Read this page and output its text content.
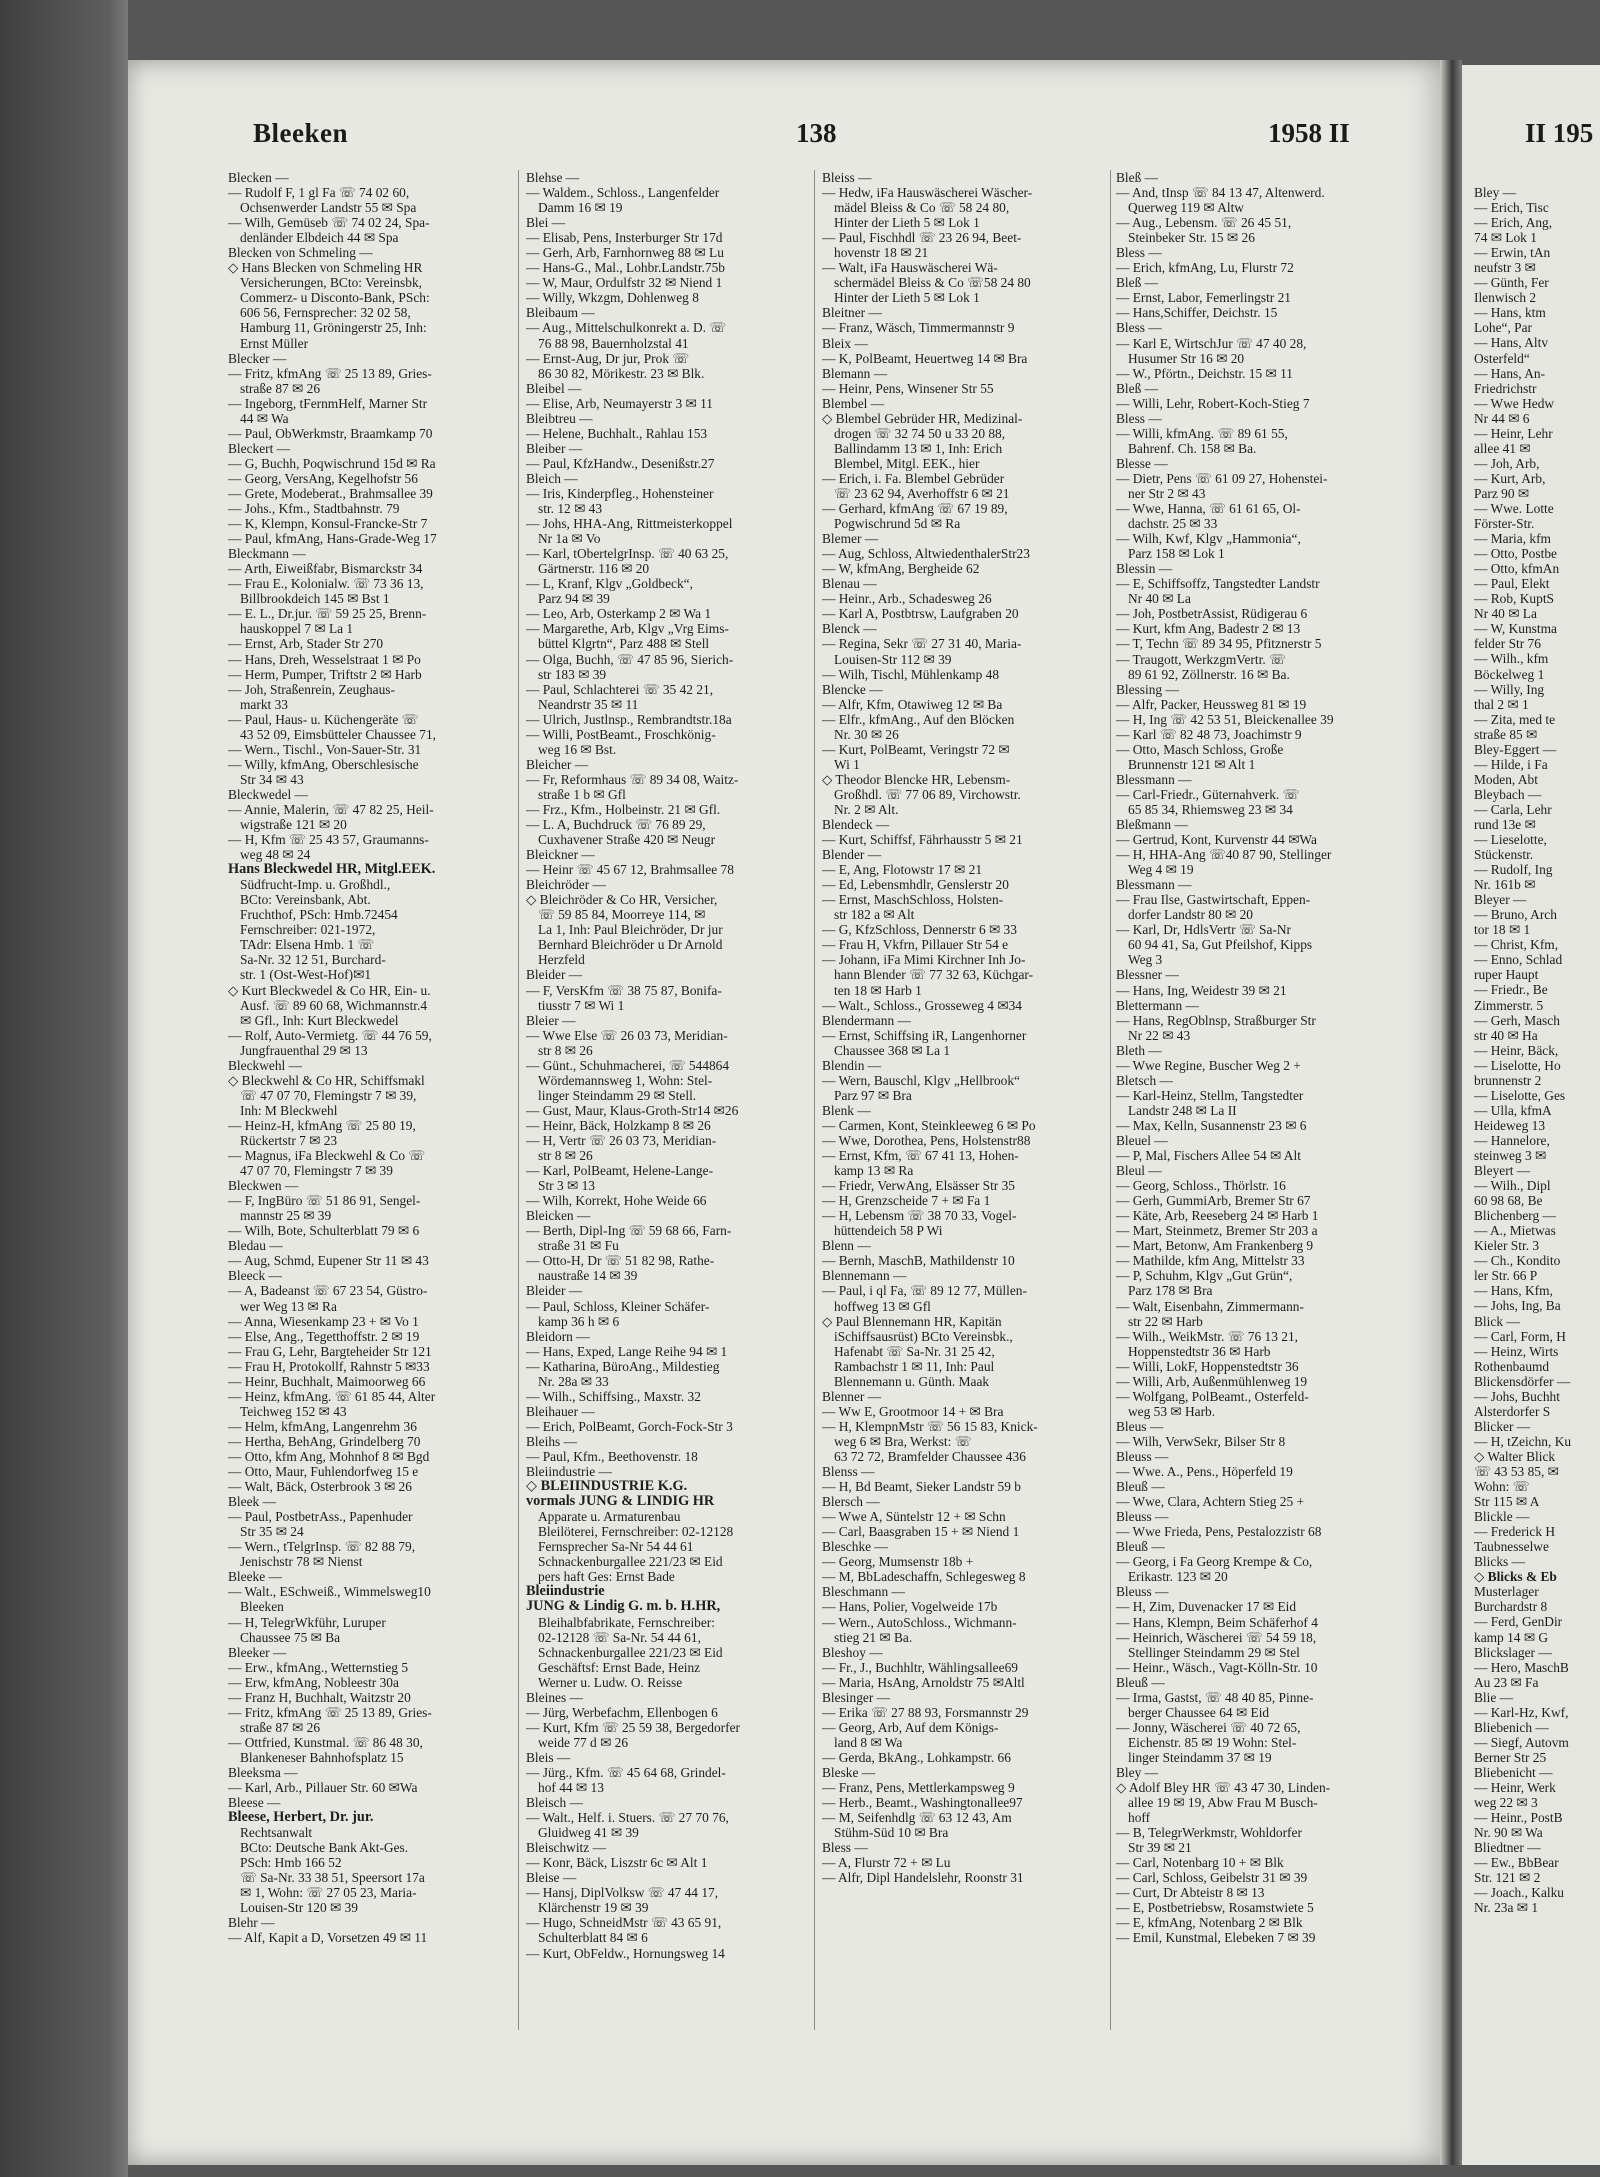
Bley —
— Erich, Tisc
— Erich, Ang,
74 ✉ Lok 1
— Erwin, tAn
neufstr 3 ✉
— Günth, Fer
Ilenwisch 2
— Hans, ktm
Lohe“, Par
— Hans, Altv
Osterfeld“
— Hans, An-
Friedrichstr
— Wwe Hedw
Nr 44 ✉ 6
— Heinr, Lehr
allee 41 ✉
— Joh, Arb,
— Kurt, Arb,
Parz 90 ✉
— Wwe. Lotte
Förster-Str.
— Maria, kfm
— Otto, Postbe
— Otto, kfmAn
— Paul, Elekt
— Rob, KuptS
Nr 40 ✉ La
— W, Kunstma
felder Str 76
— Wilh., kfm
Böckelweg 1
— Willy, Ing
thal 2 ✉ 1
— Zita, med te
straße 85 ✉
Bley-Eggert —
— Hilde, i Fa
Moden, Abt
Bleybach —
— Carla, Lehr
rund 13e ✉
— Lieselotte,
Stückenstr.
— Rudolf, Ing
Nr. 161b ✉
Bleyer —
— Bruno, Arch
tor 18 ✉ 1
— Christ, Kfm,
— Enno, Schlad
ruper Haupt
— Friedr., Be
Zimmerstr. 5
— Gerh, Masch
str 40 ✉ Ha
— Heinr, Bäck,
— Liselotte, Ho
brunnenstr 2
— Liselotte, Ges
— Ulla, kfmA
Heideweg 13
— Hannelore,
steinweg 3 ✉
Bleyert —
— Wilh., Dipl
60 98 68, Be
Blichenberg —
— A., Mietwas
Kieler Str. 3
— Ch., Kondito
ler Str. 66 P
— Hans, Kfm,
— Johs, Ing, Ba
Blick —
— Carl, Form, H
— Heinz, Wirts
Rothenbaumd
Blickensdörfer —
— Johs, Buchht
Alsterdorfer S
Blicker —
— H, tZeichn, Ku
◇ Walter Blick
☏ 43 53 85, ✉
Wohn: ☏
Str 115 ✉ A
Blickle —
— Frederick H
Taubnesselwe
Blicks —
◇ Blicks & Eb
Musterlager
Burchardstr 8
— Ferd, GenDir
kamp 14 ✉ G
Blickslager —
— Hero, MaschB
Au 23 ✉ Fa
Blie —
— Karl-Hz, Kwf,
Bliebenich —
— Siegf, Autovm
Berner Str 25
Bliebenicht —
— Heinr, Werk
weg 22 ✉ 3
— Heinr., PostB
Nr. 90 ✉ Wa
Bliedtner —
— Ew., BbBear
Str. 121 ✉ 2
— Joach., Kalku
Nr. 23a ✉ 1
Bleeken	138	1958 II	II 195
Blecken —
— Rudolf F, 1 gl Fa ☏ 74 02 60,
Ochsenwerder Landstr 55 ✉ Spa
— Wilh, Gemüseb ☏ 74 02 24, Spa-
denländer Elbdeich 44 ✉ Spa
Blecken von Schmeling —
◇ Hans Blecken von Schmeling HR
Versicherungen, BCto: Vereinsbk,
Commerz- u Disconto-Bank, PSch:
606 56, Fernsprecher: 32 02 58,
Hamburg 11, Gröningerstr 25, Inh:
Ernst Müller
Blecker —
— Fritz, kfmAng ☏ 25 13 89, Gries-
straße 87 ✉ 26
— Ingeborg, tFernmHelf, Marner Str
44 ✉ Wa
— Paul, ObWerkmstr, Braamkamp 70
Bleckert —
— G, Buchh, Poqwischrund 15d ✉ Ra
— Georg, VersAng, Kegelhofstr 56
— Grete, Modeberat., Brahmsallee 39
— Johs., Kfm., Stadtbahnstr. 79
— K, Klempn, Konsul-Francke-Str 7
— Paul, kfmAng, Hans-Grade-Weg 17
Bleckmann —
— Arth, Eiweißfabr, Bismarckstr 34
— Frau E., Kolonialw. ☏ 73 36 13,
Billbrookdeich 145 ✉ Bst 1
— E. L., Dr.jur. ☏ 59 25 25, Brenn-
hauskoppel 7 ✉ La 1
— Ernst, Arb, Stader Str 270
— Hans, Dreh, Wesselstraat 1 ✉ Po
— Herm, Pumper, Triftstr 2 ✉ Harb
— Joh, Straßenrein, Zeughaus-
markt 33
— Paul, Haus- u. Küchengeräte ☏
43 52 09, Eimsbütteler Chaussee 71,
— Wern., Tischl., Von-Sauer-Str. 31
— Willy, kfmAng, Oberschlesische
Str 34 ✉ 43
Bleckwedel —
— Annie, Malerin, ☏ 47 82 25, Heil-
wigstraße 121 ✉ 20
— H, Kfm ☏ 25 43 57, Graumanns-
weg 48 ✉ 24
Hans Bleckwedel HR, Mitgl.EEK.
Südfrucht-Imp. u. Großhdl.,
BCto: Vereinsbank, Abt.
Fruchthof, PSch: Hmb.72454
Fernschreiber: 021-1972,
TAdr: Elsena Hmb. 1 ☏
Sa-Nr. 32 12 51, Burchard-
str. 1 (Ost-West-Hof)✉1
◇ Kurt Bleckwedel & Co HR, Ein- u.
Ausf. ☏ 89 60 68, Wichmannstr.4
✉ Gfl., Inh: Kurt Bleckwedel
— Rolf, Auto-Vermietg. ☏ 44 76 59,
Jungfrauenthal 29 ✉ 13
Bleckwehl —
◇ Bleckwehl & Co HR, Schiffsmakl
☏ 47 07 70, Flemingstr 7 ✉ 39,
Inh: M Bleckwehl
— Heinz-H, kfmAng ☏ 25 80 19,
Rückertstr 7 ✉ 23
— Magnus, iFa Bleckwehl & Co ☏
47 07 70, Flemingstr 7 ✉ 39
Bleckwen —
— F, IngBüro ☏ 51 86 91, Sengel-
mannstr 25 ✉ 39
— Wilh, Bote, Schulterblatt 79 ✉ 6
Bledau —
— Aug, Schmd, Eupener Str 11 ✉ 43
Bleeck —
— A, Badeanst ☏ 67 23 54, Güstro-
wer Weg 13 ✉ Ra
— Anna, Wiesenkamp 23 + ✉ Vo 1
— Else, Ang., Tegetthoffstr. 2 ✉ 19
— Frau G, Lehr, Bargteheider Str 121
— Frau H, Protokollf, Rahnstr 5 ✉33
— Heinr, Buchhalt, Maimoorweg 66
— Heinz, kfmAng. ☏ 61 85 44, Alter
Teichweg 152 ✉ 43
— Helm, kfmAng, Langenrehm 36
— Hertha, BehAng, Grindelberg 70
— Otto, kfm Ang, Mohnhof 8 ✉ Bgd
— Otto, Maur, Fuhlendorfweg 15 e
— Walt, Bäck, Osterbrook 3 ✉ 26
Bleek —
— Paul, PostbetrAss., Papenhuder
Str 35 ✉ 24
— Wern., tTelgrInsp. ☏ 82 88 79,
Jenischstr 78 ✉ Nienst
Bleeke —
— Walt., ESchweiß., Wimmelsweg10
Bleeken
— H, TelegrWkführ, Luruper
Chaussee 75 ✉ Ba
Bleeker —
— Erw., kfmAng., Wetternstieg 5
— Erw, kfmAng, Nobleestr 30a
— Franz H, Buchhalt, Waitzstr 20
— Fritz, kfmAng ☏ 25 13 89, Gries-
straße 87 ✉ 26
— Ottfried, Kunstmal. ☏ 86 48 30,
Blankeneser Bahnhofsplatz 15
Bleeksma —
— Karl, Arb., Pillauer Str. 60 ✉Wa
Bleese —
Bleese, Herbert, Dr. jur.
Rechtsanwalt
BCto: Deutsche Bank Akt-Ges.
PSch: Hmb 166 52
☏ Sa-Nr. 33 38 51, Speersort 17a
✉ 1, Wohn: ☏ 27 05 23, Maria-
Louisen-Str 120 ✉ 39
Blehr —
— Alf, Kapit a D, Vorsetzen 49 ✉ 11
Blehse —
— Waldem., Schloss., Langenfelder
Damm 16 ✉ 19
Blei —
— Elisab, Pens, Insterburger Str 17d
— Gerh, Arb, Farnhornweg 88 ✉ Lu
— Hans-G., Mal., Lohbr.Landstr.75b
— W, Maur, Ordulfstr 32 ✉ Niend 1
— Willy, Wkzgm, Dohlenweg 8
Bleibaum —
— Aug., Mittelschulkonrekt a. D. ☏
76 88 98, Bauernholzstal 41
— Ernst-Aug, Dr jur, Prok ☏
86 30 82, Mörikestr. 23 ✉ Blk.
Bleibel —
— Elise, Arb, Neumayerstr 3 ✉ 11
Bleibtreu —
— Helene, Buchhalt., Rahlau 153
Bleiber —
— Paul, KfzHandw., Desenißstr.27
Bleich —
— Iris, Kinderpfleg., Hohensteiner
str. 12 ✉ 43
— Johs, HHA-Ang, Rittmeisterkoppel
Nr 1a ✉ Vo
— Karl, tObertelgrInsp. ☏ 40 63 25,
Gärtnerstr. 116 ✉ 20
— L, Kranf, Klgv „Goldbeck“,
Parz 94 ✉ 39
— Leo, Arb, Osterkamp 2 ✉ Wa 1
— Margarethe, Arb, Klgv „Vrg Eims-
büttel Klgrtn“, Parz 488 ✉ Stell
— Olga, Buchh, ☏ 47 85 96, Sierich-
str 183 ✉ 39
— Paul, Schlachterei ☏ 35 42 21,
Neandrstr 35 ✉ 11
— Ulrich, Justlnsp., Rembrandtstr.18a
— Willi, PostBeamt., Froschkönig-
weg 16 ✉ Bst.
Bleicher —
— Fr, Reformhaus ☏ 89 34 08, Waitz-
straße 1 b ✉ Gfl
— Frz., Kfm., Holbeinstr. 21 ✉ Gfl.
— L. A, Buchdruck ☏ 76 89 29,
Cuxhavener Straße 420 ✉ Neugr
Bleickner —
— Heinr ☏ 45 67 12, Brahmsallee 78
Bleichröder —
◇ Bleichröder & Co HR, Versicher,
☏ 59 85 84, Moorreye 114, ✉
La 1, Inh: Paul Bleichröder, Dr jur
Bernhard Bleichröder u Dr Arnold
Herzfeld
Bleider —
— F, VersKfm ☏ 38 75 87, Bonifa-
tiusstr 7 ✉ Wi 1
Bleier —
— Wwe Else ☏ 26 03 73, Meridian-
str 8 ✉ 26
— Günt., Schuhmacherei, ☏ 544864
Wördemannsweg 1, Wohn: Stel-
linger Steindamm 29 ✉ Stell.
— Gust, Maur, Klaus-Groth-Str14 ✉26
— Heinr, Bäck, Holzkamp 8 ✉ 26
— H, Vertr ☏ 26 03 73, Meridian-
str 8 ✉ 26
— Karl, PolBeamt, Helene-Lange-
Str 3 ✉ 13
— Wilh, Korrekt, Hohe Weide 66
Bleicken —
— Berth, Dipl-Ing ☏ 59 68 66, Farn-
straße 31 ✉ Fu
— Otto-H, Dr ☏ 51 82 98, Rathe-
naustraße 14 ✉ 39
Bleider —
— Paul, Schloss, Kleiner Schäfer-
kamp 36 h ✉ 6
Bleidorn —
— Hans, Exped, Lange Reihe 94 ✉ 1
— Katharina, BüroAng., Mildestieg
Nr. 28a ✉ 33
— Wilh., Schiffsing., Maxstr. 32
Bleihauer —
— Erich, PolBeamt, Gorch-Fock-Str 3
Bleihs —
— Paul, Kfm., Beethovenstr. 18
Bleiindustrie —
◇ BLEIINDUSTRIE K.G.
vormals JUNG & LINDIG HR
Apparate u. Armaturenbau
Bleilöterei, Fernschreiber: 02-12128
Fernsprecher Sa-Nr 54 44 61
Schnackenburgallee 221/23 ✉ Eid
pers haft Ges: Ernst Bade
Bleiindustrie
JUNG & Lindig G. m. b. H.HR,
Bleihalbfabrikate, Fernschreiber:
02-12128 ☏ Sa-Nr. 54 44 61,
Schnackenburgallee 221/23 ✉ Eid
Geschäftsf: Ernst Bade, Heinz
Werner u. Ludw. O. Reisse
Bleines —
— Jürg, Werbefachm, Ellenbogen 6
— Kurt, Kfm ☏ 25 59 38, Bergedorfer
weide 77 d ✉ 26
Bleis —
— Jürg., Kfm. ☏ 45 64 68, Grindel-
hof 44 ✉ 13
Bleisch —
— Walt., Helf. i. Stuers. ☏ 27 70 76,
Gluidweg 41 ✉ 39
Bleischwitz —
— Konr, Bäck, Liszstr 6c ✉ Alt 1
Bleise —
— Hansj, DiplVolksw ☏ 47 44 17,
Klärchenstr 19 ✉ 39
— Hugo, SchneidMstr ☏ 43 65 91,
Schulterblatt 84 ✉ 6
— Kurt, ObFeldw., Hornungsweg 14
Bleiss —
— Hedw, iFa Hauswäscherei Wäscher-
mädel Bleiss & Co ☏ 58 24 80,
Hinter der Lieth 5 ✉ Lok 1
— Paul, Fischhdl ☏ 23 26 94, Beet-
hovenstr 18 ✉ 21
— Walt, iFa Hauswäscherei Wä-
schermädel Bleiss & Co ☏58 24 80
Hinter der Lieth 5 ✉ Lok 1
Bleitner —
— Franz, Wäsch, Timmermannstr 9
Bleix —
— K, PolBeamt, Heuertweg 14 ✉ Bra
Blemann —
— Heinr, Pens, Winsener Str 55
Blembel —
◇ Blembel Gebrüder HR, Medizinal-
drogen ☏ 32 74 50 u 33 20 88,
Ballindamm 13 ✉ 1, Inh: Erich
Blembel, Mitgl. EEK., hier
— Erich, i. Fa. Blembel Gebrüder
☏ 23 62 94, Averhoffstr 6 ✉ 21
— Gerhard, kfmAng ☏ 67 19 89,
Pogwischrund 5d ✉ Ra
Blemer —
— Aug, Schloss, AltwiedenthalerStr23
— W, kfmAng, Bergheide 62
Blenau —
— Heinr., Arb., Schadesweg 26
— Karl A, Postbtrsw, Laufgraben 20
Blenck —
— Regina, Sekr ☏ 27 31 40, Maria-
Louisen-Str 112 ✉ 39
— Wilh, Tischl, Mühlenkamp 48
Blencke —
— Alfr, Kfm, Otawiweg 12 ✉ Ba
— Elfr., kfmAng., Auf den Blöcken
Nr. 30 ✉ 26
— Kurt, PolBeamt, Veringstr 72 ✉
Wi 1
◇ Theodor Blencke HR, Lebensm-
Großhdl. ☏ 77 06 89, Virchowstr.
Nr. 2 ✉ Alt.
Blendeck —
— Kurt, Schiffsf, Fährhausstr 5 ✉ 21
Blender —
— E, Ang, Flotowstr 17 ✉ 21
— Ed, Lebensmhdlr, Genslerstr 20
— Ernst, MaschSchloss, Holsten-
str 182 a ✉ Alt
— G, KfzSchloss, Dennerstr 6 ✉ 33
— Frau H, Vkfrn, Pillauer Str 54 e
— Johann, iFa Mimi Kirchner Inh Jo-
hann Blender ☏ 77 32 63, Küchgar-
ten 18 ✉ Harb 1
— Walt., Schloss., Grosseweg 4 ✉34
Blendermann —
— Ernst, Schiffsing iR, Langenhorner
Chaussee 368 ✉ La 1
Blendin —
— Wern, Bauschl, Klgv „Hellbrook“
Parz 97 ✉ Bra
Blenk —
— Carmen, Kont, Steinkleeweg 6 ✉ Po
— Wwe, Dorothea, Pens, Holstenstr88
— Ernst, Kfm, ☏ 67 41 13, Hohen-
kamp 13 ✉ Ra
— Friedr, VerwAng, Elsässer Str 35
— H, Grenzscheide 7 + ✉ Fa 1
— H, Lebensm ☏ 38 70 33, Vogel-
hüttendeich 58 P Wi
Blenn —
— Bernh, MaschB, Mathildenstr 10
Blennemann —
— Paul, i ql Fa, ☏ 89 12 77, Müllen-
hoffweg 13 ✉ Gfl
◇ Paul Blennemann HR, Kapitän
iSchiffsausrüst) BCto Vereinsbk.,
Hafenabt ☏ Sa-Nr. 31 25 42,
Rambachstr 1 ✉ 11, Inh: Paul
Blennemann u. Günth. Maak
Blenner —
— Ww E, Grootmoor 14 + ✉ Bra
— H, KlempnMstr ☏ 56 15 83, Knick-
weg 6 ✉ Bra, Werkst: ☏
63 72 72, Bramfelder Chaussee 436
Blenss —
— H, Bd Beamt, Sieker Landstr 59 b
Blersch —
— Wwe A, Süntelstr 12 + ✉ Schn
— Carl, Baasgraben 15 + ✉ Niend 1
Bleschke —
— Georg, Mumsenstr 18b +
— M, BbLadeschaffn, Schlegesweg 8
Bleschmann —
— Hans, Polier, Vogelweide 17b
— Wern., AutoSchloss., Wichmann-
stieg 21 ✉ Ba.
Bleshoy —
— Fr., J., Buchhltr, Wählingsallee69
— Maria, HsAng, Arnoldstr 75 ✉Altl
Blesinger —
— Erika ☏ 27 88 93, Forsmannstr 29
— Georg, Arb, Auf dem Königs-
land 8 ✉ Wa
— Gerda, BkAng., Lohkampstr. 66
Bleske —
— Franz, Pens, Mettlerkampsweg 9
— Herb., Beamt., Washingtonallee97
— M, Seifenhdlg ☏ 63 12 43, Am
Stühm-Süd 10 ✉ Bra
Bless —
— A, Flurstr 72 + ✉ Lu
— Alfr, Dipl Handelslehr, Roonstr 31
Bleß —
— And, tInsp ☏ 84 13 47, Altenwerd.
Querweg 119 ✉ Altw
— Aug., Lebensm. ☏ 26 45 51,
Steinbeker Str. 15 ✉ 26
Bless —
— Erich, kfmAng, Lu, Flurstr 72
Bleß —
— Ernst, Labor, Femerlingstr 21
— Hans,Schiffer, Deichstr. 15
Bless —
— Karl E, WirtschJur ☏ 47 40 28,
Husumer Str 16 ✉ 20
— W., Pförtn., Deichstr. 15 ✉ 11
Bleß —
— Willi, Lehr, Robert-Koch-Stieg 7
Bless —
— Willi, kfmAng. ☏ 89 61 55,
Bahrenf. Ch. 158 ✉ Ba.
Blesse —
— Dietr, Pens ☏ 61 09 27, Hohenstei-
ner Str 2 ✉ 43
— Wwe, Hanna, ☏ 61 61 65, Ol-
dachstr. 25 ✉ 33
— Wilh, Kwf, Klgv „Hammonia“,
Parz 158 ✉ Lok 1
Blessin —
— E, Schiffsoffz, Tangstedter Landstr
Nr 40 ✉ La
— Joh, PostbetrAssist, Rüdigerau 6
— Kurt, kfm Ang, Badestr 2 ✉ 13
— T, Techn ☏ 89 34 95, Pfitznerstr 5
— Traugott, WerkzgmVertr. ☏
89 61 92, Zöllnerstr. 16 ✉ Ba.
Blessing —
— Alfr, Packer, Heussweg 81 ✉ 19
— H, Ing ☏ 42 53 51, Bleickenallee 39
— Karl ☏ 82 48 73, Joachimstr 9
— Otto, Masch Schloss, Große
Brunnenstr 121 ✉ Alt 1
Blessmann —
— Carl-Friedr., Güternahverk. ☏
65 85 34, Rhiemsweg 23 ✉ 34
Bleßmann —
— Gertrud, Kont, Kurvenstr 44 ✉Wa
— H, HHA-Ang ☏40 87 90, Stellinger
Weg 4 ✉ 19
Blessmann —
— Frau Ilse, Gastwirtschaft, Eppen-
dorfer Landstr 80 ✉ 20
— Karl, Dr, HdlsVertr ☏ Sa-Nr
60 94 41, Sa, Gut Pfeilshof, Kipps
Weg 3
Blessner —
— Hans, Ing, Weidestr 39 ✉ 21
Blettermann —
— Hans, RegOblnsp, Straßburger Str
Nr 22 ✉ 43
Bleth —
— Wwe Regine, Buscher Weg 2 +
Bletsch —
— Karl-Heinz, Stellm, Tangstedter
Landstr 248 ✉ La II
— Max, Kelln, Susannenstr 23 ✉ 6
Bleuel —
— P, Mal, Fischers Allee 54 ✉ Alt
Bleul —
— Georg, Schloss., Thörlstr. 16
— Gerh, GummiArb, Bremer Str 67
— Käte, Arb, Reeseberg 24 ✉ Harb 1
— Mart, Steinmetz, Bremer Str 203 a
— Mart, Betonw, Am Frankenberg 9
— Mathilde, kfm Ang, Mittelstr 33
— P, Schuhm, Klgv „Gut Grün“,
Parz 178 ✉ Bra
— Walt, Eisenbahn, Zimmermann-
str 22 ✉ Harb
— Wilh., WeikMstr. ☏ 76 13 21,
Hoppenstedtstr 36 ✉ Harb
— Willi, LokF, Hoppenstedtstr 36
— Willi, Arb, Außenmühlenweg 19
— Wolfgang, PolBeamt., Osterfeld-
weg 53 ✉ Harb.
Bleus —
— Wilh, VerwSekr, Bilser Str 8
Bleuss —
— Wwe. A., Pens., Höperfeld 19
Bleuß —
— Wwe, Clara, Achtern Stieg 25 +
Bleuss —
— Wwe Frieda, Pens, Pestalozzistr 68
Bleuß —
— Georg, i Fa Georg Krempe & Co,
Erikastr. 123 ✉ 20
Bleuss —
— H, Zim, Duvenacker 17 ✉ Eid
— Hans, Klempn, Beim Schäferhof 4
— Heinrich, Wäscherei ☏ 54 59 18,
Stellinger Steindamm 29 ✉ Stel
— Heinr., Wäsch., Vagt-Kölln-Str. 10
Bleuß —
— Irma, Gastst, ☏ 48 40 85, Pinne-
berger Chaussee 64 ✉ Eid
— Jonny, Wäscherei ☏ 40 72 65,
Eichenstr. 85 ✉ 19 Wohn: Stel-
linger Steindamm 37 ✉ 19
Bley —
◇ Adolf Bley HR ☏ 43 47 30, Linden-
allee 19 ✉ 19, Abw Frau M Busch-
hoff
— B, TelegrWerkmstr, Wohldorfer
Str 39 ✉ 21
— Carl, Notenbarg 10 + ✉ Blk
— Carl, Schloss, Geibelstr 31 ✉ 39
— Curt, Dr Abteistr 8 ✉ 13
— E, Postbetriebsw, Rosamstwiete 5
— E, kfmAng, Notenbarg 2 ✉ Blk
— Emil, Kunstmal, Elebeken 7 ✉ 39
